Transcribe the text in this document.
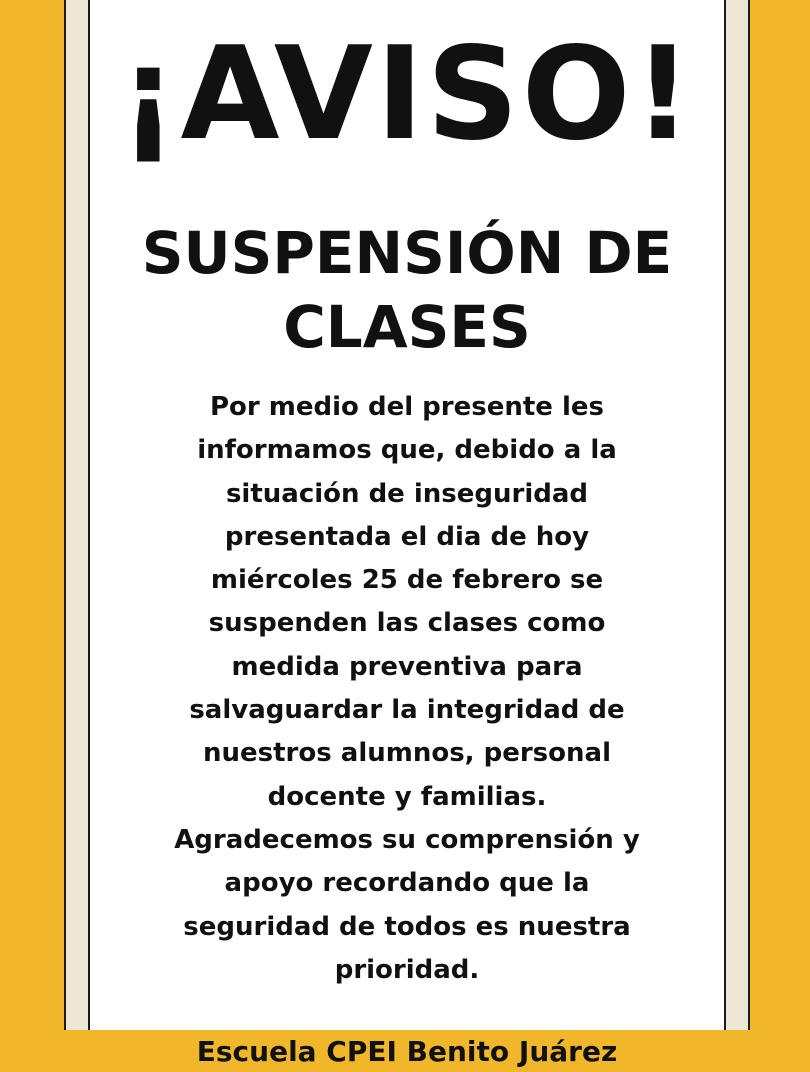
¡AVISO!
SUSPENSIÓN DE CLASES
Por medio del presente les informamos que, debido a la situación de inseguridad presentada el dia de hoy miércoles 25 de febrero se suspenden las clases como medida preventiva para salvaguardar la integridad de nuestros alumnos, personal docente y familias. Agradecemos su comprensión y apoyo recordando que la seguridad de todos es nuestra prioridad.
Escuela CPEI Benito Juárez
